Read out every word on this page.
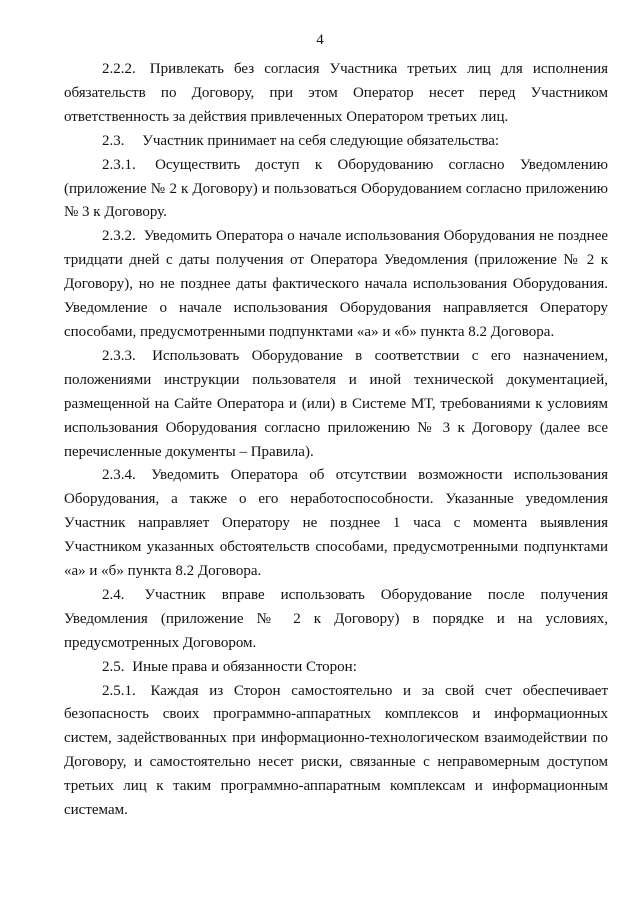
4

2.2.2. Привлекать без согласия Участника третьих лиц для исполнения обязательств по Договору, при этом Оператор несет перед Участником ответственность за действия привлеченных Оператором третьих лиц.

2.3. Участник принимает на себя следующие обязательства:

2.3.1. Осуществить доступ к Оборудованию согласно Уведомлению (приложение № 2 к Договору) и пользоваться Оборудованием согласно приложению № 3 к Договору.

2.3.2. Уведомить Оператора о начале использования Оборудования не позднее тридцати дней с даты получения от Оператора Уведомления (приложение № 2 к Договору), но не позднее даты фактического начала использования Оборудования. Уведомление о начале использования Оборудования направляется Оператору способами, предусмотренными подпунктами «а» и «б» пункта 8.2 Договора.

2.3.3. Использовать Оборудование в соответствии с его назначением, положениями инструкции пользователя и иной технической документацией, размещенной на Сайте Оператора и (или) в Системе МТ, требованиями к условиям использования Оборудования согласно приложению № 3 к Договору (далее все перечисленные документы – Правила).

2.3.4. Уведомить Оператора об отсутствии возможности использования Оборудования, а также о его неработоспособности. Указанные уведомления Участник направляет Оператору не позднее 1 часа с момента выявления Участником указанных обстоятельств способами, предусмотренными подпунктами «а» и «б» пункта 8.2 Договора.

2.4. Участник вправе использовать Оборудование после получения Уведомления (приложение № 2 к Договору) в порядке и на условиях, предусмотренных Договором.

2.5. Иные права и обязанности Сторон:

2.5.1. Каждая из Сторон самостоятельно и за свой счет обеспечивает безопасность своих программно-аппаратных комплексов и информационных систем, задействованных при информационно-технологическом взаимодействии по Договору, и самостоятельно несет риски, связанные с неправомерным доступом третьих лиц к таким программно-аппаратным комплексам и информационным системам.
